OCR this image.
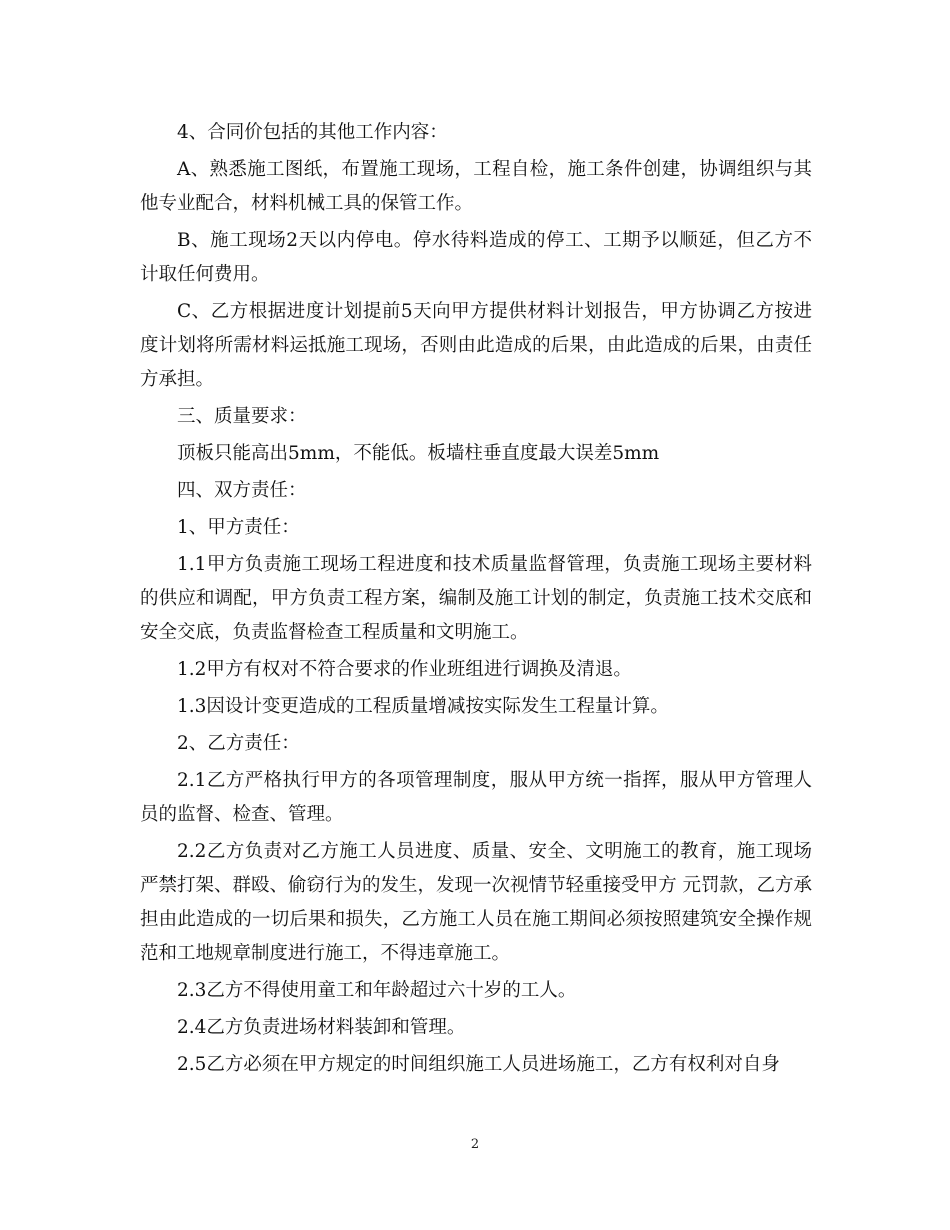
4、合同价包括的其他工作内容：

A、熟悉施工图纸，布置施工现场，工程自检，施工条件创建，协调组织与其他专业配合，材料机械工具的保管工作。

B、施工现场2天以内停电。停水待料造成的停工、工期予以顺延，但乙方不计取任何费用。

C、乙方根据进度计划提前5天向甲方提供材料计划报告，甲方协调乙方按进度计划将所需材料运抵施工现场，否则由此造成的后果，由此造成的后果，由责任方承担。

三、质量要求：

顶板只能高出5mm，不能低。板墙柱垂直度最大误差5mm

四、双方责任：

1、甲方责任：

1.1甲方负责施工现场工程进度和技术质量监督管理，负责施工现场主要材料的供应和调配，甲方负责工程方案，编制及施工计划的制定，负责施工技术交底和安全交底，负责监督检查工程质量和文明施工。

1.2甲方有权对不符合要求的作业班组进行调换及清退。

1.3因设计变更造成的工程质量增减按实际发生工程量计算。

2、乙方责任：

2.1乙方严格执行甲方的各项管理制度，服从甲方统一指挥，服从甲方管理人员的监督、检查、管理。

2.2乙方负责对乙方施工人员进度、质量、安全、文明施工的教育，施工现场严禁打架、群殴、偷窃行为的发生，发现一次视情节轻重接受甲方 元罚款，乙方承担由此造成的一切后果和损失，乙方施工人员在施工期间必须按照建筑安全操作规范和工地规章制度进行施工，不得违章施工。

2.3乙方不得使用童工和年龄超过六十岁的工人。

2.4乙方负责进场材料装卸和管理。

2.5乙方必须在甲方规定的时间组织施工人员进场施工，乙方有权利对自身

2
